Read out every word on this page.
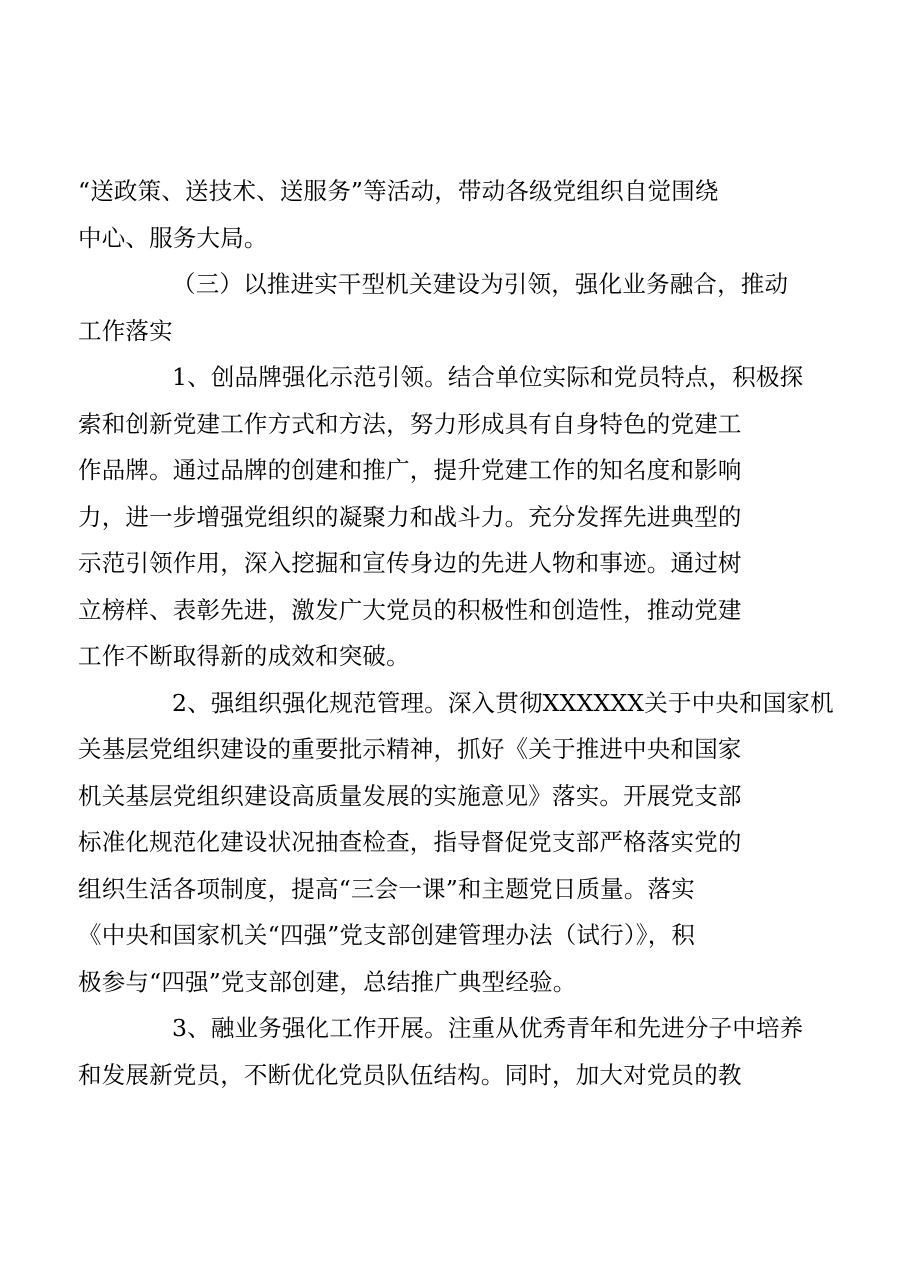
“送政策、送技术、送服务”等活动，带动各级党组织自觉围绕
中心、服务大局。
（三）以推进实干型机关建设为引领，强化业务融合，推动
工作落实
1、创品牌强化示范引领。结合单位实际和党员特点，积极探
索和创新党建工作方式和方法，努力形成具有自身特色的党建工
作品牌。通过品牌的创建和推广，提升党建工作的知名度和影响
力，进一步增强党组织的凝聚力和战斗力。充分发挥先进典型的
示范引领作用，深入挖掘和宣传身边的先进人物和事迹。通过树
立榜样、表彰先进，激发广大党员的积极性和创造性，推动党建
工作不断取得新的成效和突破。
2、强组织强化规范管理。深入贯彻XXXXXX关于中央和国家机
关基层党组织建设的重要批示精神，抓好《关于推进中央和国家
机关基层党组织建设高质量发展的实施意见》落实。开展党支部
标准化规范化建设状况抽查检查，指导督促党支部严格落实党的
组织生活各项制度，提高“三会一课”和主题党日质量。落实
《中央和国家机关“四强”党支部创建管理办法（试行）》，积
极参与“四强”党支部创建，总结推广典型经验。
3、融业务强化工作开展。注重从优秀青年和先进分子中培养
和发展新党员，不断优化党员队伍结构。同时，加大对党员的教
